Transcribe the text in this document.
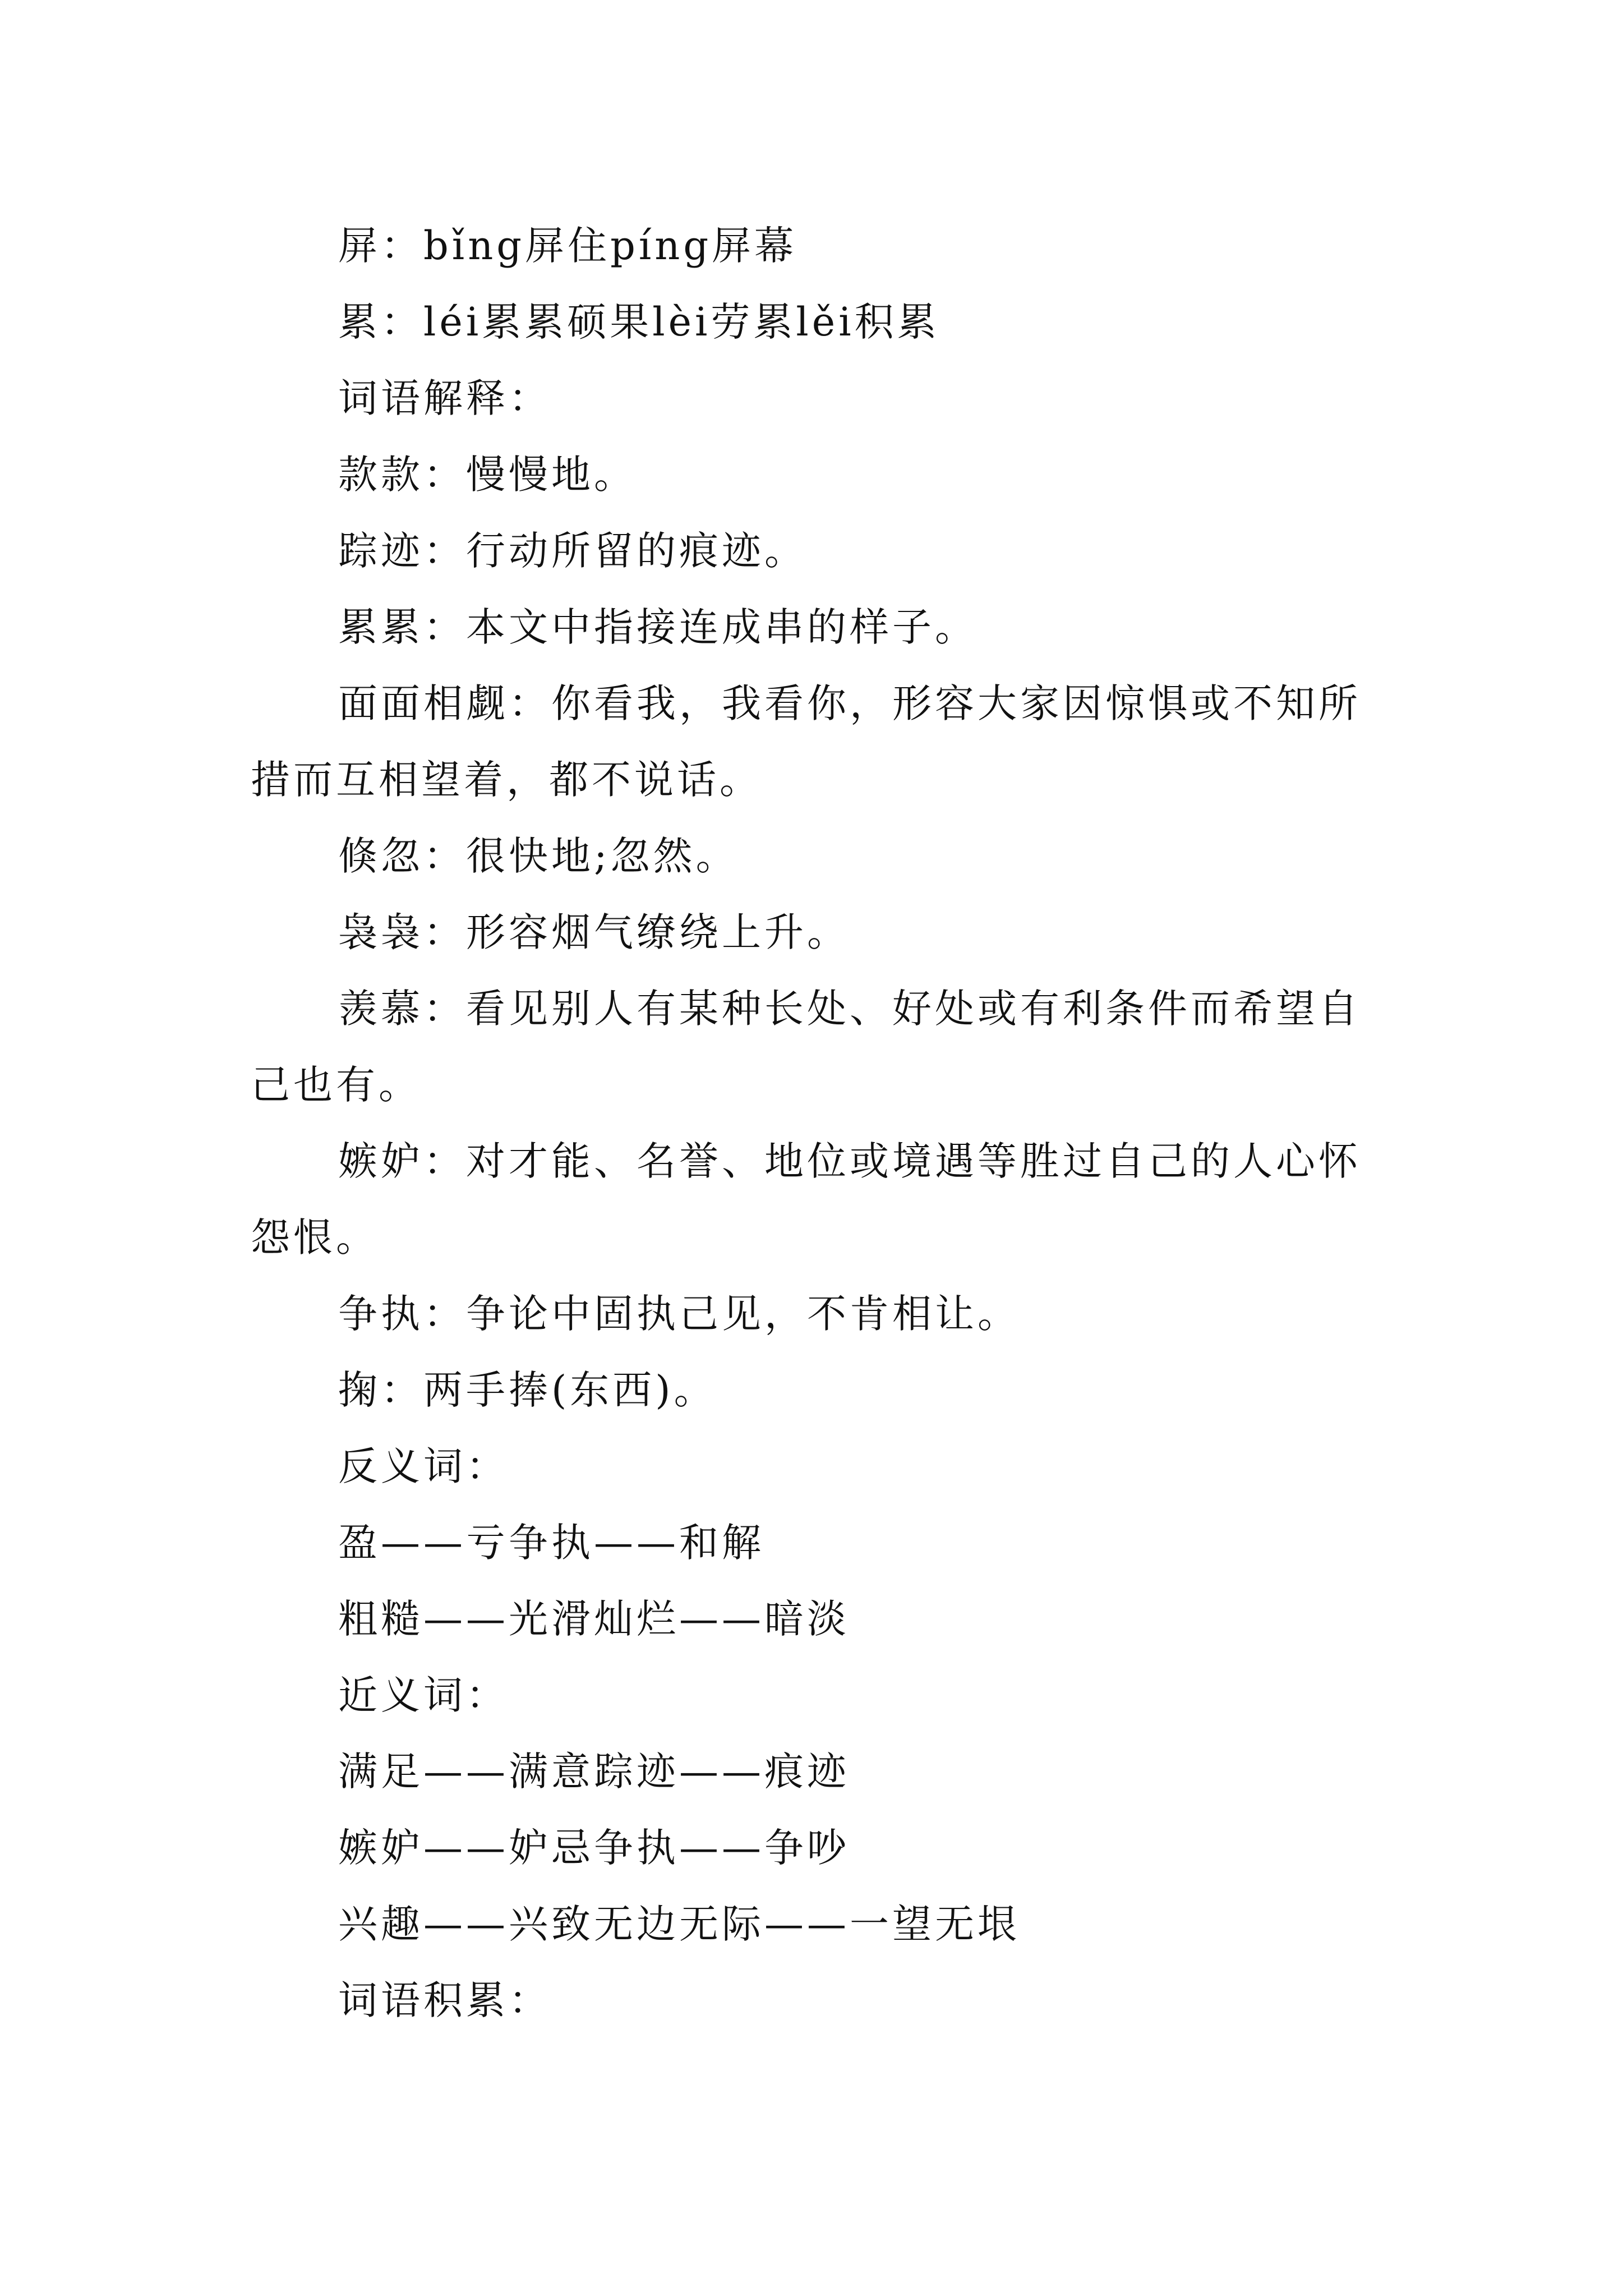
屏：bǐng屏住píng屏幕

累：léi累累硕果lèi劳累lěi积累

词语解释：

款款：慢慢地。

踪迹：行动所留的痕迹。

累累：本文中指接连成串的样子。

面面相觑：你看我，我看你，形容大家因惊惧或不知所措而互相望着，都不说话。

倏忽：很快地;忽然。

袅袅：形容烟气缭绕上升。

羡慕：看见别人有某种长处、好处或有利条件而希望自己也有。

嫉妒：对才能、名誉、地位或境遇等胜过自己的人心怀怨恨。

争执：争论中固执己见，不肯相让。

掬：两手捧(东西)。

反义词：

盈——亏争执——和解

粗糙——光滑灿烂——暗淡

近义词：

满足——满意踪迹——痕迹

嫉妒——妒忌争执——争吵

兴趣——兴致无边无际——一望无垠

词语积累：
